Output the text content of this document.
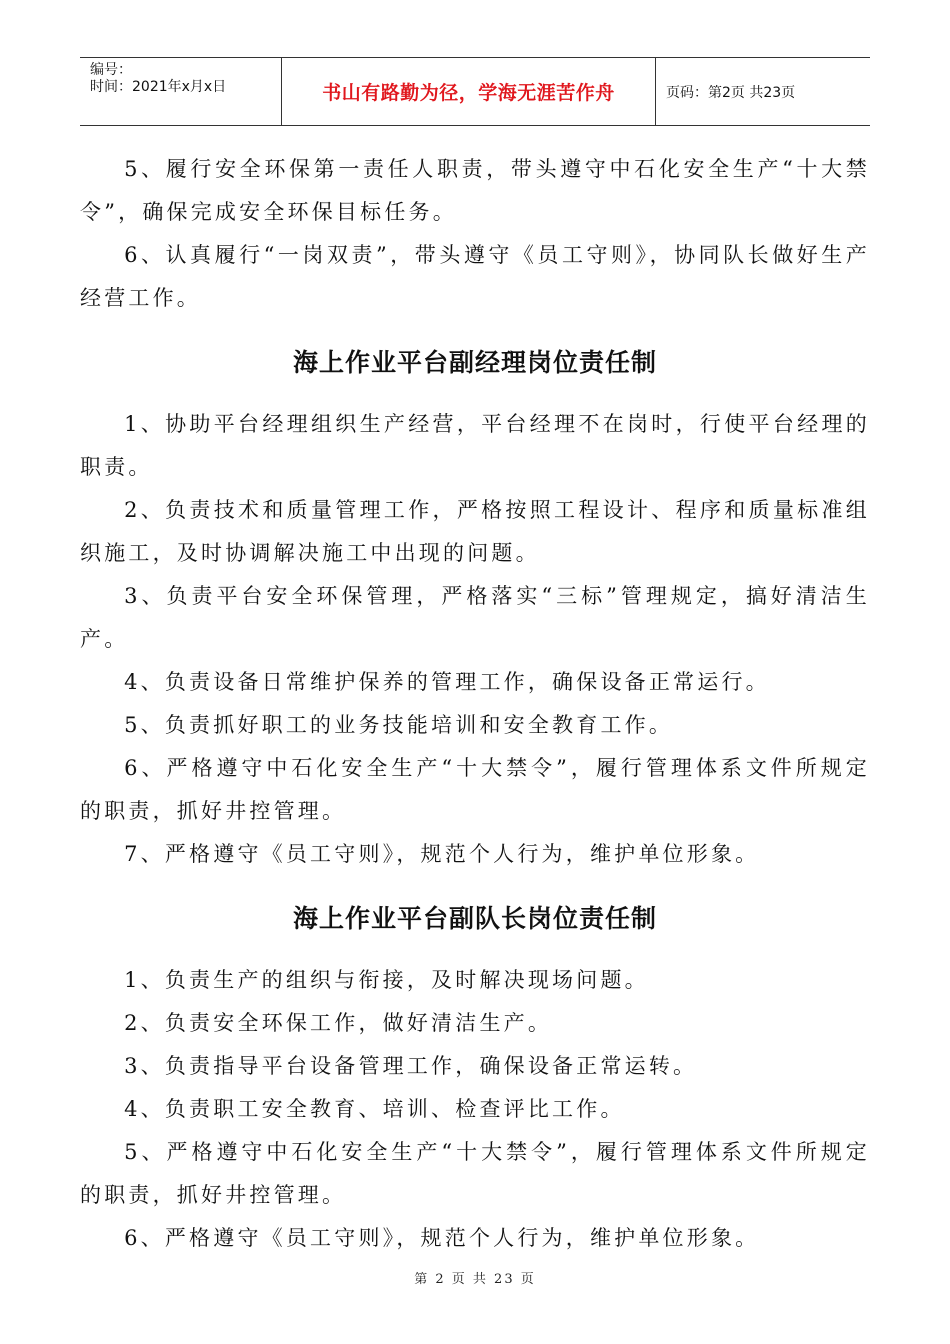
编号：
时间：2021年x月x日	书山有路勤为径，学海无涯苦作舟	页码：第2页 共23页

5、履行安全环保第一责任人职责，带头遵守中石化安全生产“十大禁令”，确保完成安全环保目标任务。

6、认真履行“一岗双责”，带头遵守《员工守则》，协同队长做好生产经营工作。

海上作业平台副经理岗位责任制

1、协助平台经理组织生产经营，平台经理不在岗时，行使平台经理的职责。

2、负责技术和质量管理工作，严格按照工程设计、程序和质量标准组织施工，及时协调解决施工中出现的问题。

3、负责平台安全环保管理，严格落实“三标”管理规定，搞好清洁生产。

4、负责设备日常维护保养的管理工作，确保设备正常运行。

5、负责抓好职工的业务技能培训和安全教育工作。

6、严格遵守中石化安全生产“十大禁令”，履行管理体系文件所规定的职责，抓好井控管理。

7、严格遵守《员工守则》，规范个人行为，维护单位形象。

海上作业平台副队长岗位责任制

1、负责生产的组织与衔接，及时解决现场问题。

2、负责安全环保工作，做好清洁生产。

3、负责指导平台设备管理工作，确保设备正常运转。

4、负责职工安全教育、培训、检查评比工作。

5、严格遵守中石化安全生产“十大禁令”，履行管理体系文件所规定的职责，抓好井控管理。

6、严格遵守《员工守则》，规范个人行为，维护单位形象。

第 2 页 共 23 页
